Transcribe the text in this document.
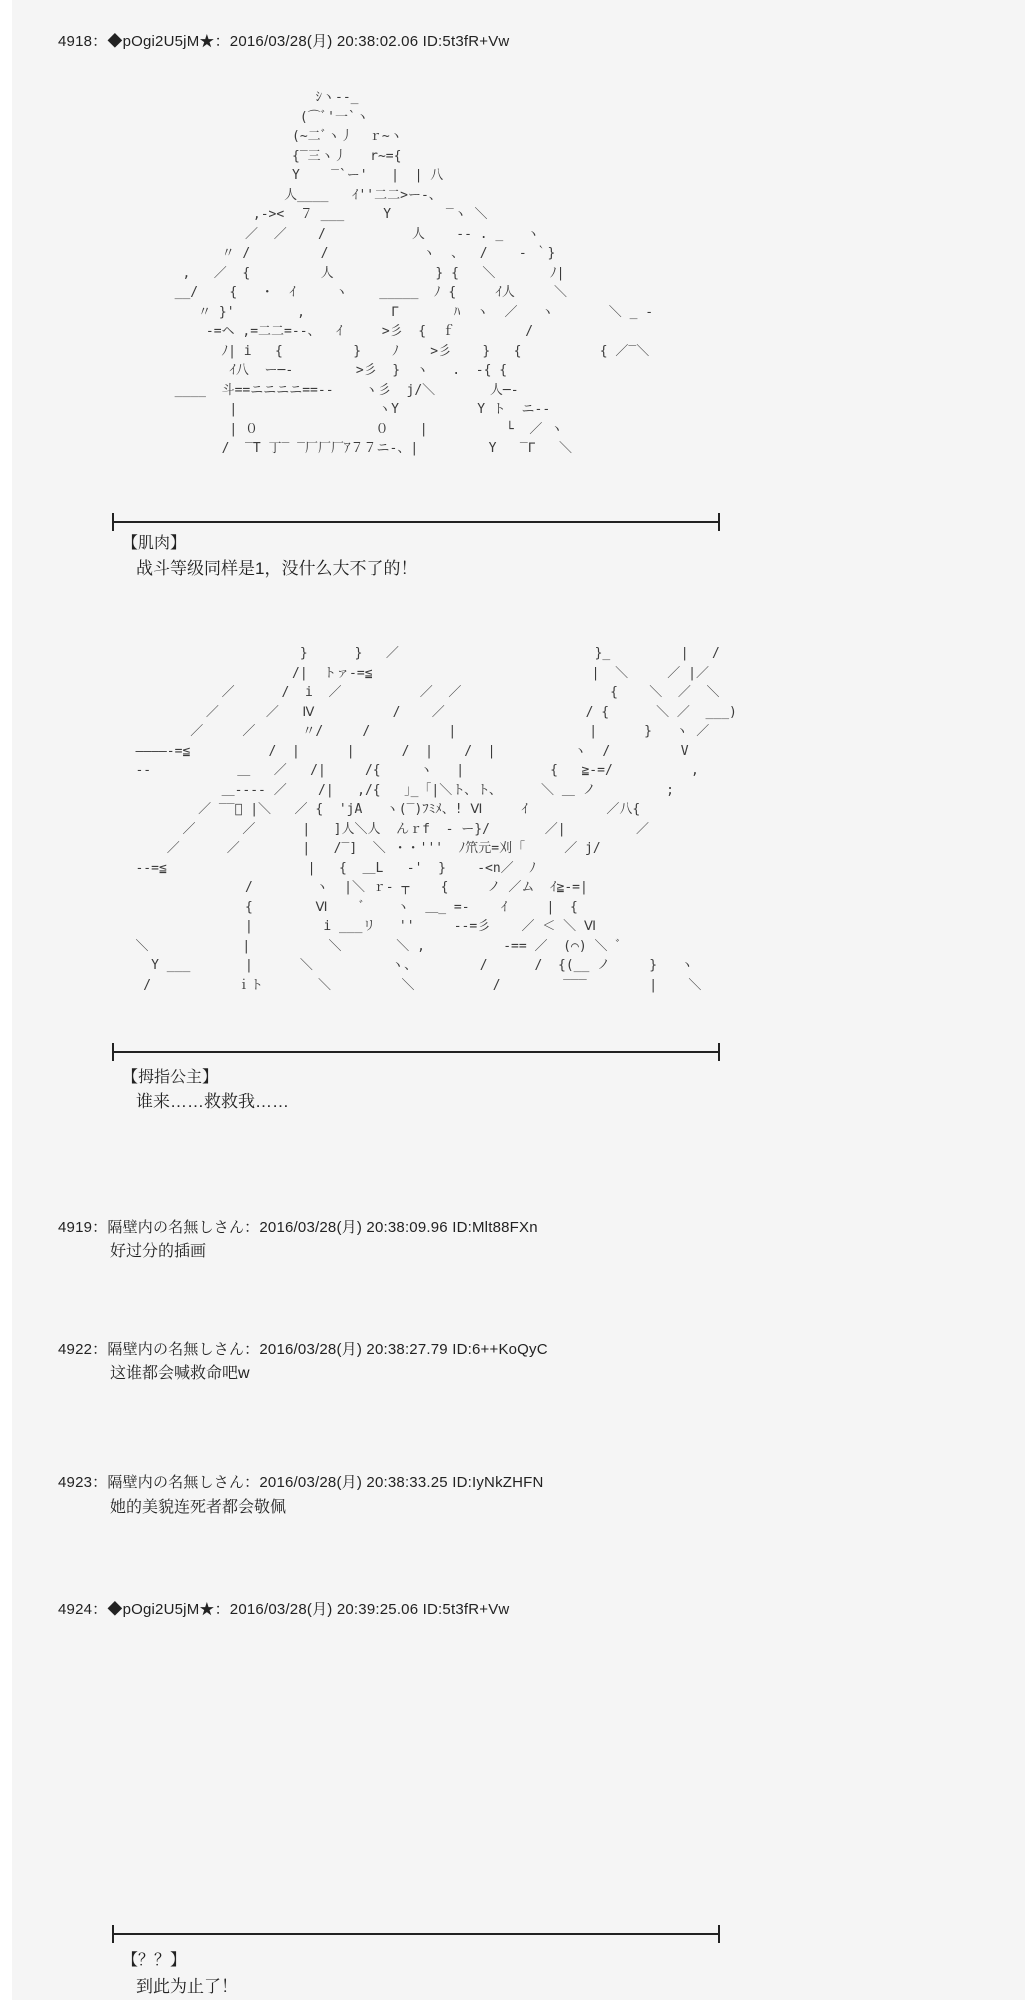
4918：◆pOgi2U5jM★：2016/03/28(月) 20:38:02.06 ID:5t3fR+Vw
ｼヽ--_
(⌒ﾞ'一`ヽ
(~二ﾞヽ丿  ｒ~ヽ
{‾三ヽ丿   r~={
Y    ‾`ー'   |  | 八
人____   ｲ''二二>ー‐、
,‐><  ７ ___     Y       ‾ヽ ＼
／  ／    /           人    ‐- . _   ヽ
〃 /         /            ヽ  、  /    ‐ ｀}
,   ／  {         人             } {   ＼       ﾉ|
__/    {   ・  ｲ     ヽ    _____  ﾉ {     ｲ人     ＼
〃 }'        ,           Γ       ﾊ  ヽ  ／   ヽ       ＼ _ -
‐=ヘ ,=二二=‐-、  ｲ     >彡  {  ｆ         /
ﾉ| i   {         }    ﾉ    >彡    }   {          { ／‾＼
ｲ八  ー─‐        >彡  }  ヽ   .  ‐{ {
____  斗==ニニニニ==‐-    ヽ彡  j/＼       人─‐
|                  ヽY          Y ト  ニ‐-
| ０               ０    |          └  ／ ヽ
/  ‾T 丁‾ ‾厂厂厂ｱ７７ニ‐、|         Y   ‾Γ   ＼
【肌肉】
战斗等级同样是1，没什么大不了的！
}      }   ／                         }_         |   /
/|  トァ‐=≦                            |  ＼     ／ |／
／      /  i  ／          ／  ／                   {    ＼  ／  ＼
／      ／   Ⅳ          /    ／                  / {      ＼ ／  ___)
／     ／      〃/     /          |                 |      }   ヽ ／
————‐=≦          /  |      |      /  |    /  |          ヽ  /         V
‐-           ＿   ／   /|     /{     ヽ   |           {   ≧‐=/          ,
＿‐‐‐‐ ／    /|   ,/{   ｣_「|＼ト、ト、     ＼ ＿ ノ         ;
／ ‾‾ﾞ |＼   ／ {  'jA   ヽ(‾)ﾌﾐﾒ、! Ⅵ     ｲ          ／八{
／      ／      |   ]人＼人  んｒf  ‐ ー}/       ／|         ／
／      ／        |   /‾]  ＼ ・・'''  ﾉ笊元=刈「     ／ j/
‐-=≦                  |   {  ＿L   ‐'  }    ‐<n／  ﾉ
/        ヽ  |＼ ｒ‐ ┬    {     ノ ／ム  ｲ≧‐=|
{        Ⅵ    ﾞ    ヽ  ＿_ =‐    ｲ     |  {
|         i ___リ   ''     ‐‐=彡    ／ ＜ ＼ Ⅵ
＼            |          ＼       ＼ ,          ‐== ／  (⌒) ＼ ﾞ
Y ___       |      ＼          ヽ、        /      /  {(__ ノ     }   ヽ
/           ｉト       ＼         ＼          /        ‾‾‾        |    ＼
【拇指公主】
谁来……救救我……
4919：隔壁内の名無しさん：2016/03/28(月) 20:38:09.96 ID:Mlt88FXn
好过分的插画
4922：隔壁内の名無しさん：2016/03/28(月) 20:38:27.79 ID:6++KoQyC
这谁都会喊救命吧w
4923：隔壁内の名無しさん：2016/03/28(月) 20:38:33.25 ID:IyNkZHFN
她的美貌连死者都会敬佩
4924：◆pOgi2U5jM★：2016/03/28(月) 20:39:25.06 ID:5t3fR+Vw
【？？】
到此为止了！
